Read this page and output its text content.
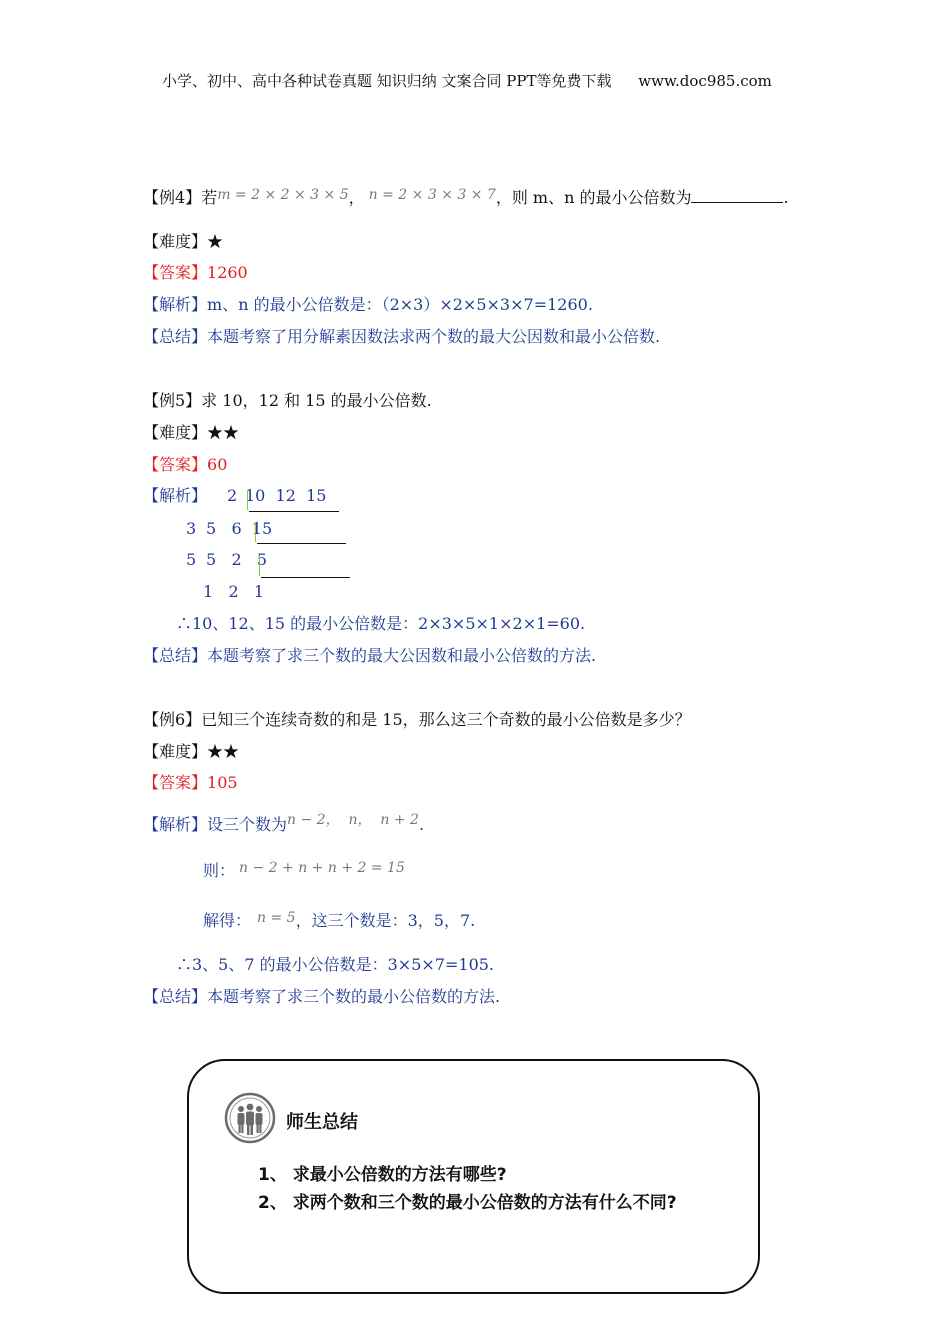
小学、初中、高中各种试卷真题 知识归纳 文案合同 PPT等免费下载 www.doc985.com
【例4】若m = 2 × 2 × 3 × 5， n = 2 × 3 × 3 × 7，则 m、n 的最小公倍数为	.
【难度】★
【答案】1260
【解析】m、n 的最小公倍数是：（2×3）×2×5×3×7=1260.
【总结】本题考察了用分解素因数法求两个数的最大公因数和最小公倍数.
【例5】求 10，12 和 15 的最小公倍数.
【难度】★★
【答案】60
【解析】 2 10  12  15
3 5   6  15
5 5   2   5
1   2   1
∴10、12、15 的最小公倍数是：2×3×5×1×2×1=60.
【总结】本题考察了求三个数的最大公因数和最小公倍数的方法.
【例6】已知三个连续奇数的和是 15，那么这三个奇数的最小公倍数是多少？
【难度】★★
【答案】105
【解析】设三个数为n − 2，  n，  n + 2.
则： n − 2 + n + n + 2 = 15
解得： n = 5，这三个数是：3，5，7.
∴3、5、7 的最小公倍数是：3×5×7=105.
【总结】本题考察了求三个数的最小公倍数的方法.
师生总结
1、 求最小公倍数的方法有哪些?
2、 求两个数和三个数的最小公倍数的方法有什么不同?
